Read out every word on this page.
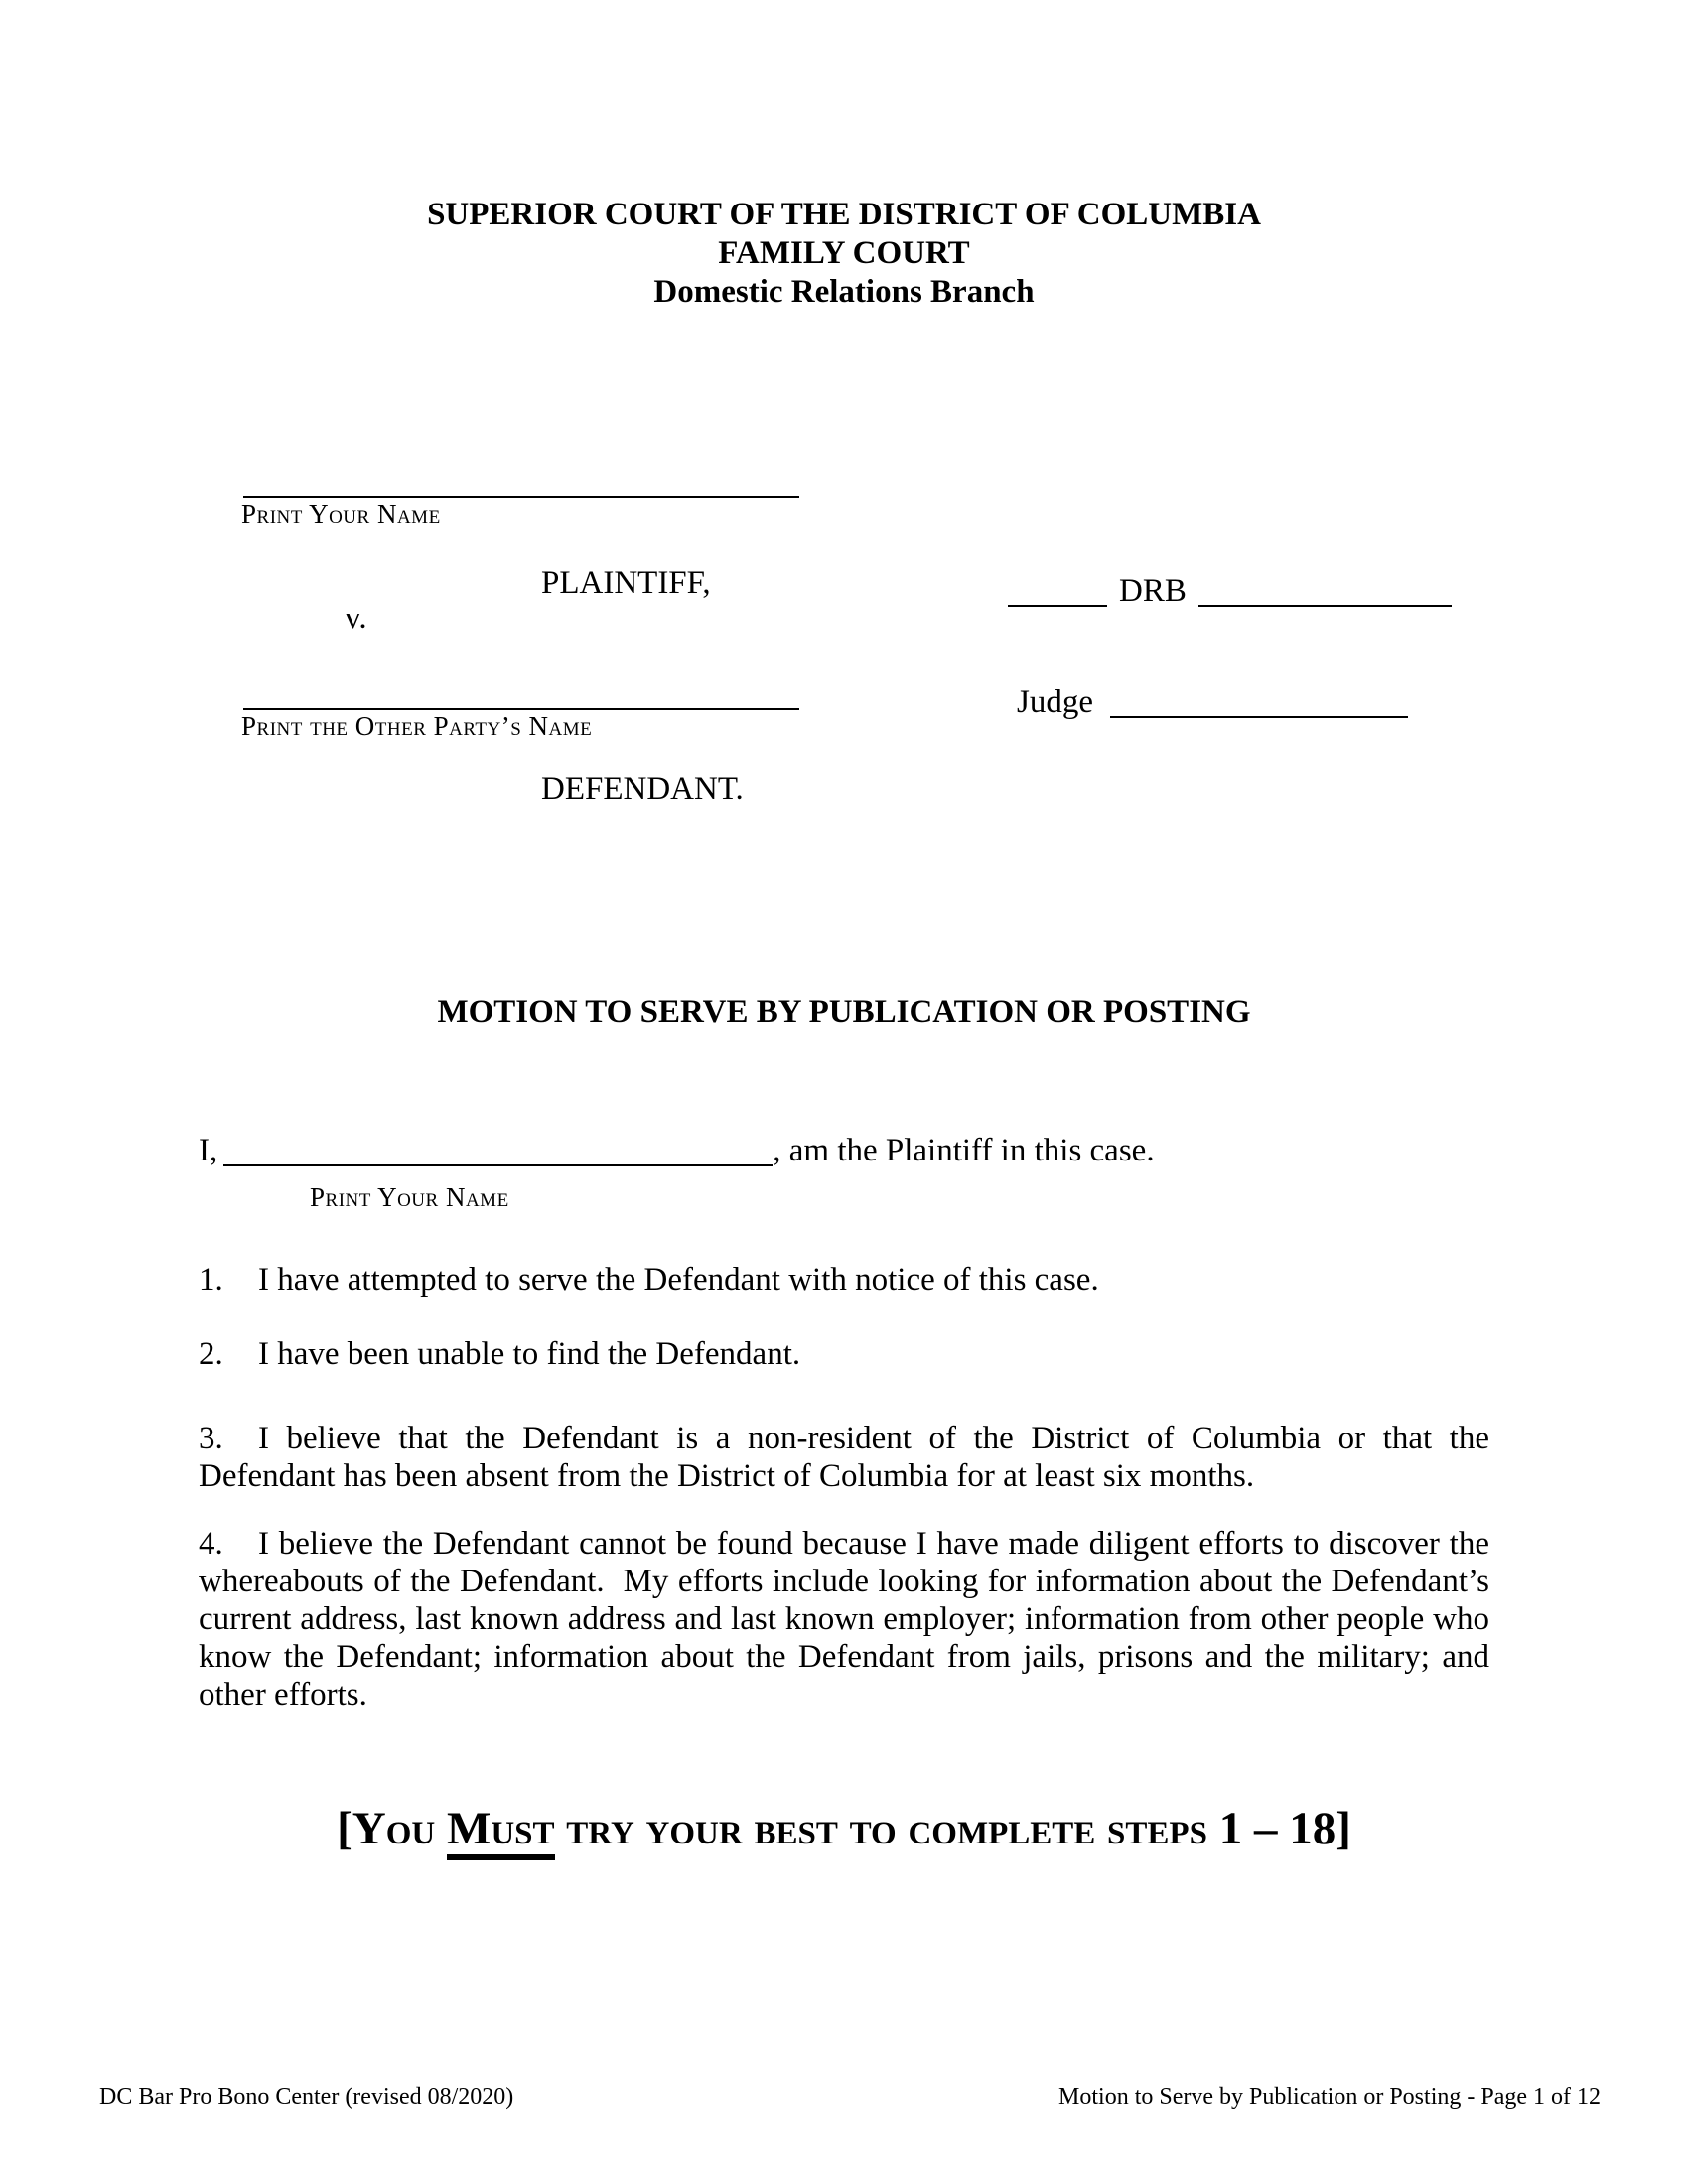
SUPERIOR COURT OF THE DISTRICT OF COLUMBIA
FAMILY COURT
Domestic Relations Branch
Print Your Name
PLAINTIFF,
v.
Print the Other Party’s Name
DEFENDANT.
DRB
Judge
MOTION TO SERVE BY PUBLICATION OR POSTING
I,	, am the Plaintiff in this case.
Print Your Name
1. I have attempted to serve the Defendant with notice of this case.
2. I have been unable to find the Defendant.
3. I believe that the Defendant is a non-resident of the District of Columbia or that the Defendant has been absent from the District of Columbia for at least six months.
4. I believe the Defendant cannot be found because I have made diligent efforts to discover the whereabouts of the Defendant.  My efforts include looking for information about the Defendant’s current address, last known address and last known employer; information from other people who know the Defendant; information about the Defendant from jails, prisons and the military; and other efforts.
[You Must try your best to complete steps 1 – 18]
DC Bar Pro Bono Center (revised 08/2020)	Motion to Serve by Publication or Posting - Page 1 of 12
